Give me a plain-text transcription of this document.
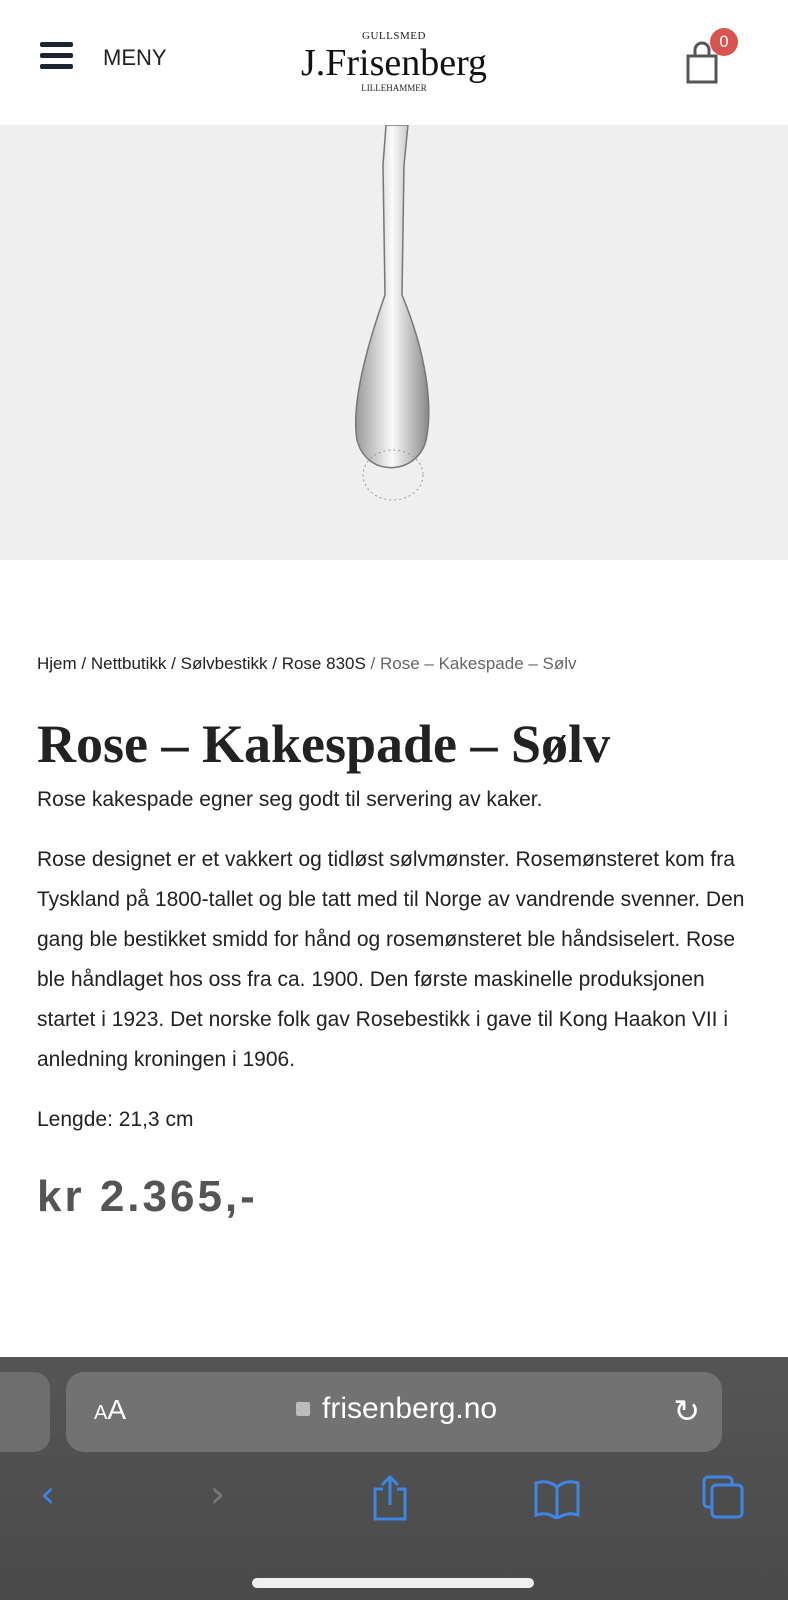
MENY
GULLSMED
J.Frisenberg
LILLEHAMMER
0
Hjem / Nettbutikk / Sølvbestikk / Rose 830S / Rose – Kakespade – Sølv
Rose – Kakespade – Sølv
Rose kakespade egner seg godt til servering av kaker.
Rose designet er et vakkert og tidløst sølvmønster. Rosemønsteret kom fra Tyskland på 1800-tallet og ble tatt med til Norge av vandrende svenner. Den gang ble bestikket smidd for hånd og rosemønsteret ble håndsiselert. Rose ble håndlaget hos oss fra ca. 1900. Den første maskinelle produksjonen startet i 1923. Det norske folk gav Rosebestikk i gave til Kong Haakon VII i anledning kroningen i 1906.
Lengde: 21,3 cm
kr 2.365,-
AA	frisenberg.no	↻
‹	›
